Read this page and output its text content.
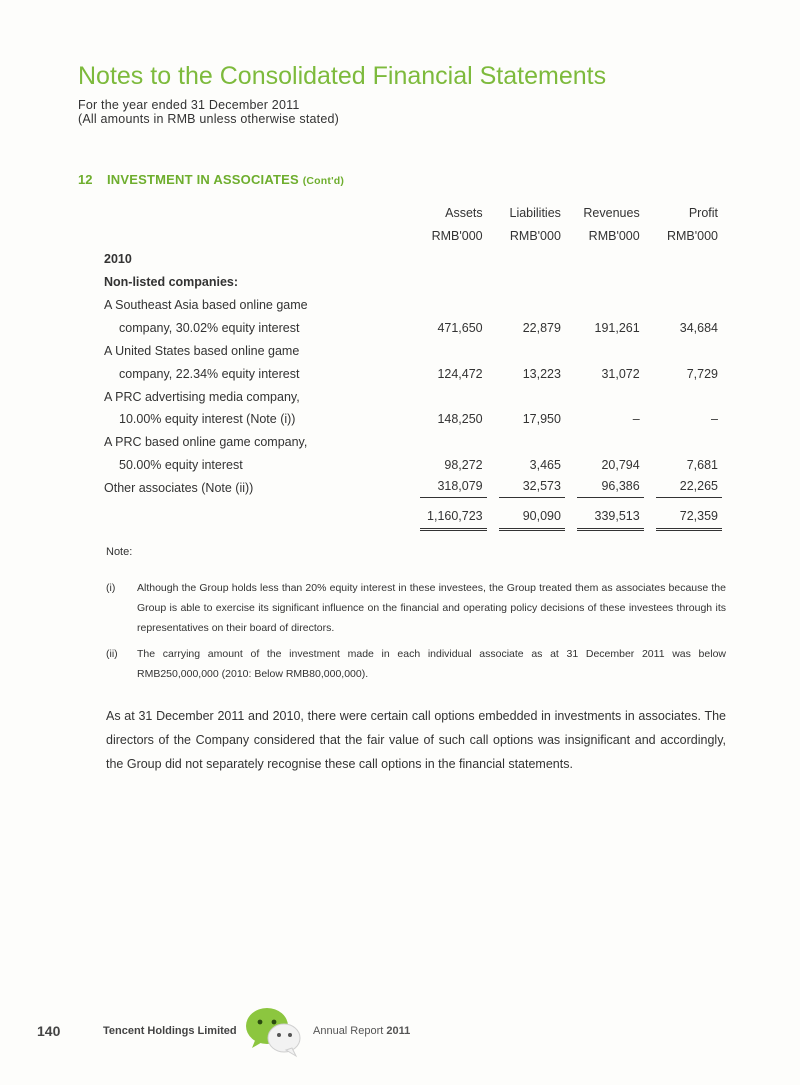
Notes to the Consolidated Financial Statements
For the year ended 31 December 2011
(All amounts in RMB unless otherwise stated)
12 INVESTMENT IN ASSOCIATES (Cont'd)

	Assets	Liabilities	Revenues	Profit

	RMB'000	RMB'000	RMB'000	RMB'000

2010				
Non-listed companies:				
A Southeast Asia based online game				
company, 30.02% equity interest	471,650	22,879	191,261	34,684

A United States based online game				
company, 22.34% equity interest	124,472	13,223	31,072	7,729

A PRC advertising media company,				
10.00% equity interest (Note (i))	148,250	17,950	–	–

A PRC based online game company,				
50.00% equity interest	98,272	3,465	20,794	7,681

Other associates (Note (ii))	318,079	32,573	96,386	22,265

	1,160,723	90,090	339,513	72,359
Note:
(i) Although the Group holds less than 20% equity interest in these investees, the Group treated them as associates because the Group is able to exercise its significant influence on the financial and operating policy decisions of these investees through its representatives on their board of directors.
(ii) The carrying amount of the investment made in each individual associate as at 31 December 2011 was below RMB250,000,000 (2010: Below RMB80,000,000).
As at 31 December 2011 and 2010, there were certain call options embedded in investments in associates. The directors of the Company considered that the fair value of such call options was insignificant and accordingly, the Group did not separately recognise these call options in the financial statements.
140	Tencent Holdings Limited	Annual Report 2011
